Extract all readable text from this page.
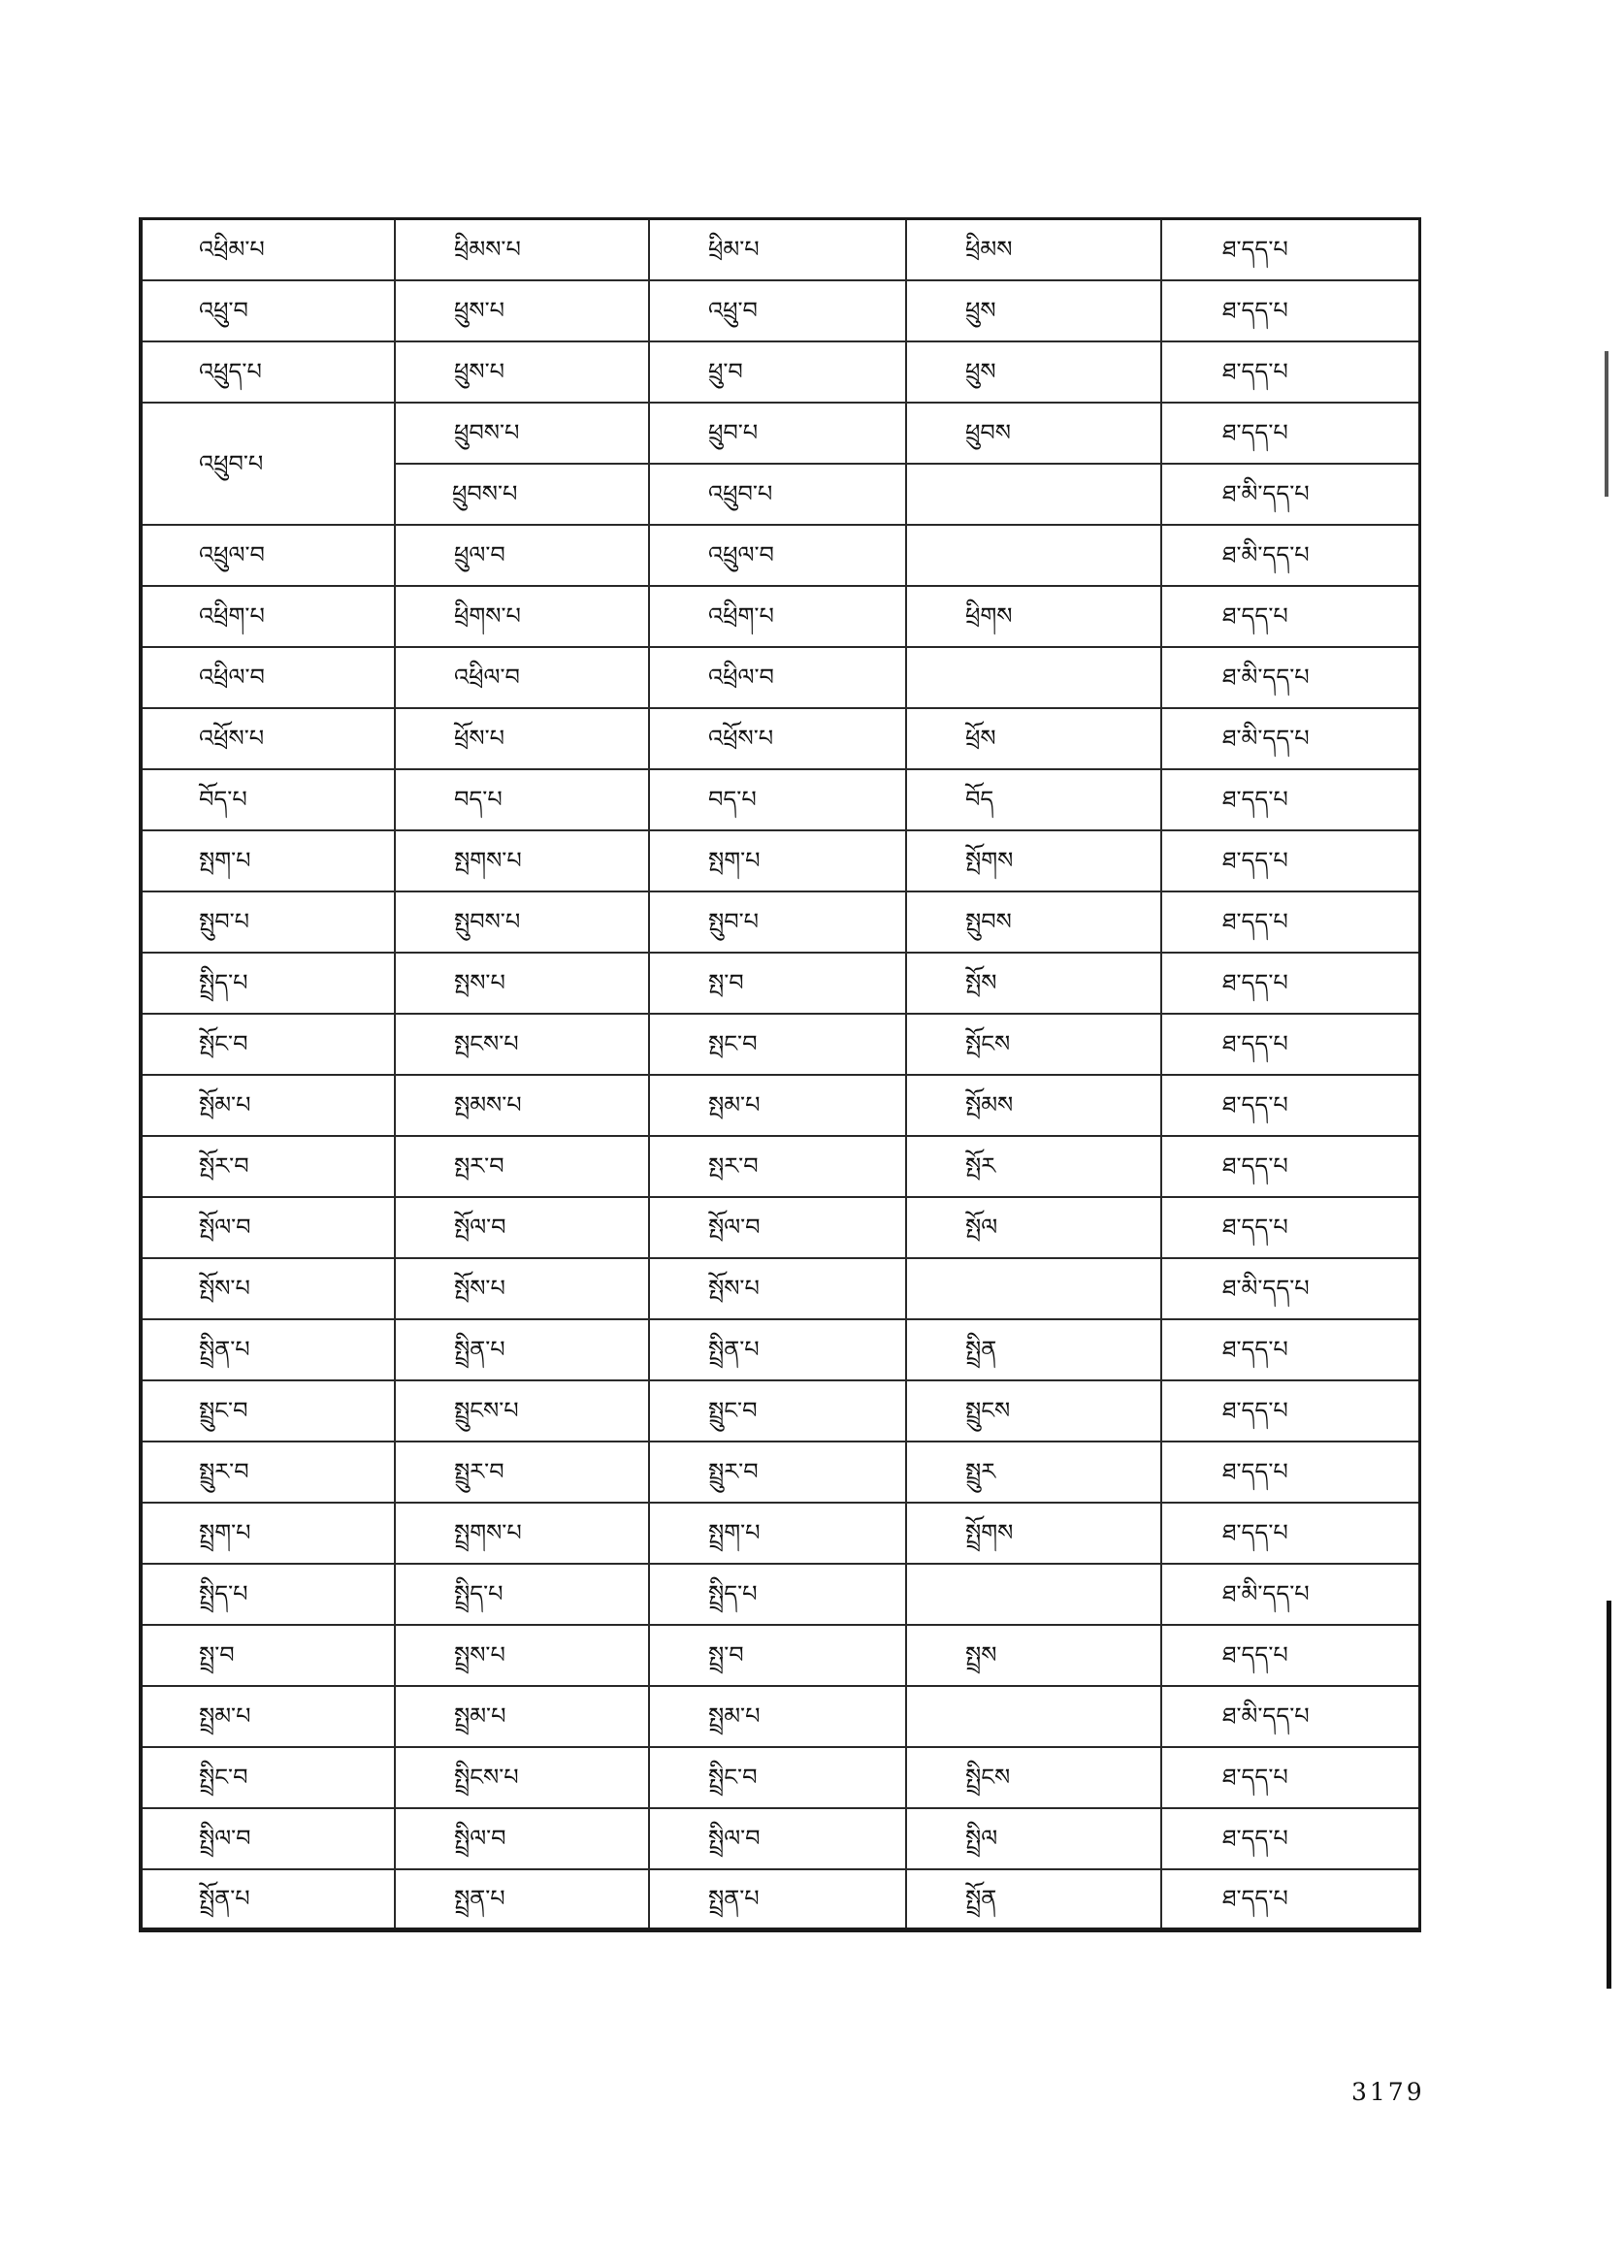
འཕྲིམ་པ	ཕྲིམས་པ	ཕྲིམ་པ	ཕྲིམས	ཐ་དད་པ
འཕྲུ་བ	ཕྲུས་པ	འཕྲུ་བ	ཕྲུས	ཐ་དད་པ
འཕྲུད་པ	ཕྲུས་པ	ཕྲུ་བ	ཕྲུས	ཐ་དད་པ
འཕྲུབ་པ	ཕྲུབས་པ	ཕྲུབ་པ	ཕྲུབས	ཐ་དད་པ
	ཕྲུབས་པ	འཕྲུབ་པ		ཐ་མི་དད་པ
འཕྲུལ་བ	ཕྲུལ་བ	འཕྲུལ་བ		ཐ་མི་དད་པ
འཕྲིག་པ	ཕྲིགས་པ	འཕྲིག་པ	ཕྲིགས	ཐ་དད་པ
འཕྲིལ་བ	འཕྲིལ་བ	འཕྲིལ་བ		ཐ་མི་དད་པ
འཕྲོས་པ	ཕྲོས་པ	འཕྲོས་པ	ཕྲོས	ཐ་མི་དད་པ
བོད་པ	བད་པ	བད་པ	བོད	ཐ་དད་པ
སྤག་པ	སྤགས་པ	སྤག་པ	སྤོགས	ཐ་དད་པ
སྤུབ་པ	སྤུབས་པ	སྤུབ་པ	སྤུབས	ཐ་དད་པ
སྤྲིད་པ	སྤས་པ	སྤ་བ	སྤོས	ཐ་དད་པ
སྤོང་བ	སྤངས་པ	སྤང་བ	སྤོངས	ཐ་དད་པ
སྤོམ་པ	སྤམས་པ	སྤམ་པ	སྤོམས	ཐ་དད་པ
སྤོར་བ	སྤར་བ	སྤར་བ	སྤོར	ཐ་དད་པ
སྤོལ་བ	སྤོལ་བ	སྤོལ་བ	སྤོལ	ཐ་དད་པ
སྤོས་པ	སྤོས་པ	སྤོས་པ		ཐ་མི་དད་པ
སྤྲིན་པ	སྤྲིན་པ	སྤྲིན་པ	སྤྲིན	ཐ་དད་པ
སྤྲུང་བ	སྤྲུངས་པ	སྤྲུང་བ	སྤྲུངས	ཐ་དད་པ
སྤྲུར་བ	སྤྲུར་བ	སྤྲུར་བ	སྤྲུར	ཐ་དད་པ
སྤྲག་པ	སྤྲགས་པ	སྤྲག་པ	སྤྲོགས	ཐ་དད་པ
སྤྲིད་པ	སྤྲིད་པ	སྤྲིད་པ		ཐ་མི་དད་པ
སྤྲ་བ	སྤྲས་པ	སྤྲ་བ	སྤྲས	ཐ་དད་པ
སྤྲམ་པ	སྤྲམ་པ	སྤྲམ་པ		ཐ་མི་དད་པ
སྤྲིང་བ	སྤྲིངས་པ	སྤྲིང་བ	སྤྲིངས	ཐ་དད་པ
སྤྲིལ་བ	སྤྲིལ་བ	སྤྲིལ་བ	སྤྲིལ	ཐ་དད་པ
སྤྲོན་པ	སྤྲན་པ	སྤྲན་པ	སྤྲོན	ཐ་དད་པ
3179
